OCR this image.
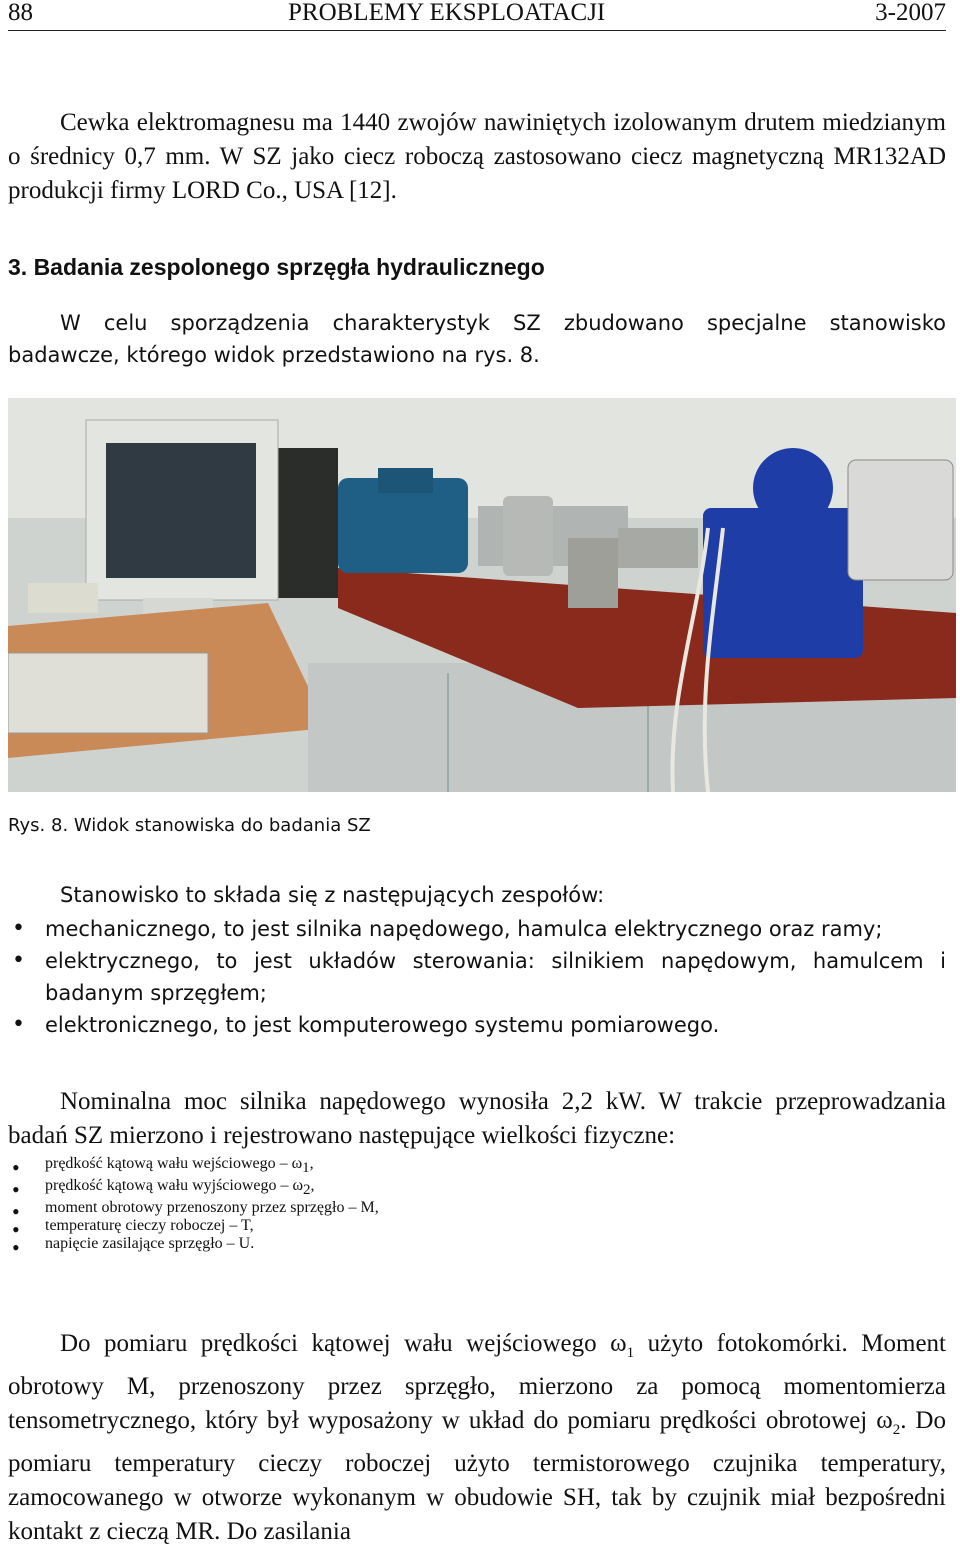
88	PROBLEMY EKSPLOATACJI	3-2007

Cewka elektromagnesu ma 1440 zwojów nawiniętych izolowanym drutem miedzianym o średnicy 0,7 mm. W SZ jako ciecz roboczą zastosowano ciecz magnetyczną MR132AD produkcji firmy LORD Co., USA [12].

3. Badania zespolonego sprzęgła hydraulicznego

W celu sporządzenia charakterystyk SZ zbudowano specjalne stanowisko badawcze, którego widok przedstawiono na rys. 8.

Rys. 8. Widok stanowiska do badania SZ

Stanowisko to składa się z następujących zespołów:

• mechanicznego, to jest silnika napędowego, hamulca elektrycznego oraz ramy;
• elektrycznego, to jest układów sterowania: silnikiem napędowym, hamulcem i badanym sprzęgłem;
• elektronicznego, to jest komputerowego systemu pomiarowego.

Nominalna moc silnika napędowego wynosiła 2,2 kW. W trakcie przeprowadzania badań SZ mierzono i rejestrowano następujące wielkości fizyczne:

• prędkość kątową wału wejściowego – $\omega_1$,
• prędkość kątową wału wyjściowego – $\omega_2$,
• moment obrotowy przenoszony przez sprzęgło – M,
• temperaturę cieczy roboczej – T,
• napięcie zasilające sprzęgło – U.

Do pomiaru prędkości kątowej wału wejściowego $\omega_1$ użyto fotokomórki. Moment obrotowy M, przenoszony przez sprzęgło, mierzono za pomocą momentomierza tensometrycznego, który był wyposażony w układ do pomiaru prędkości obrotowej $\omega_2$. Do pomiaru temperatury cieczy roboczej użyto termistorowego czujnika temperatury, zamocowanego w otworze wykonanym w obudowie SH, tak by czujnik miał bezpośredni kontakt z cieczą MR. Do zasilania
